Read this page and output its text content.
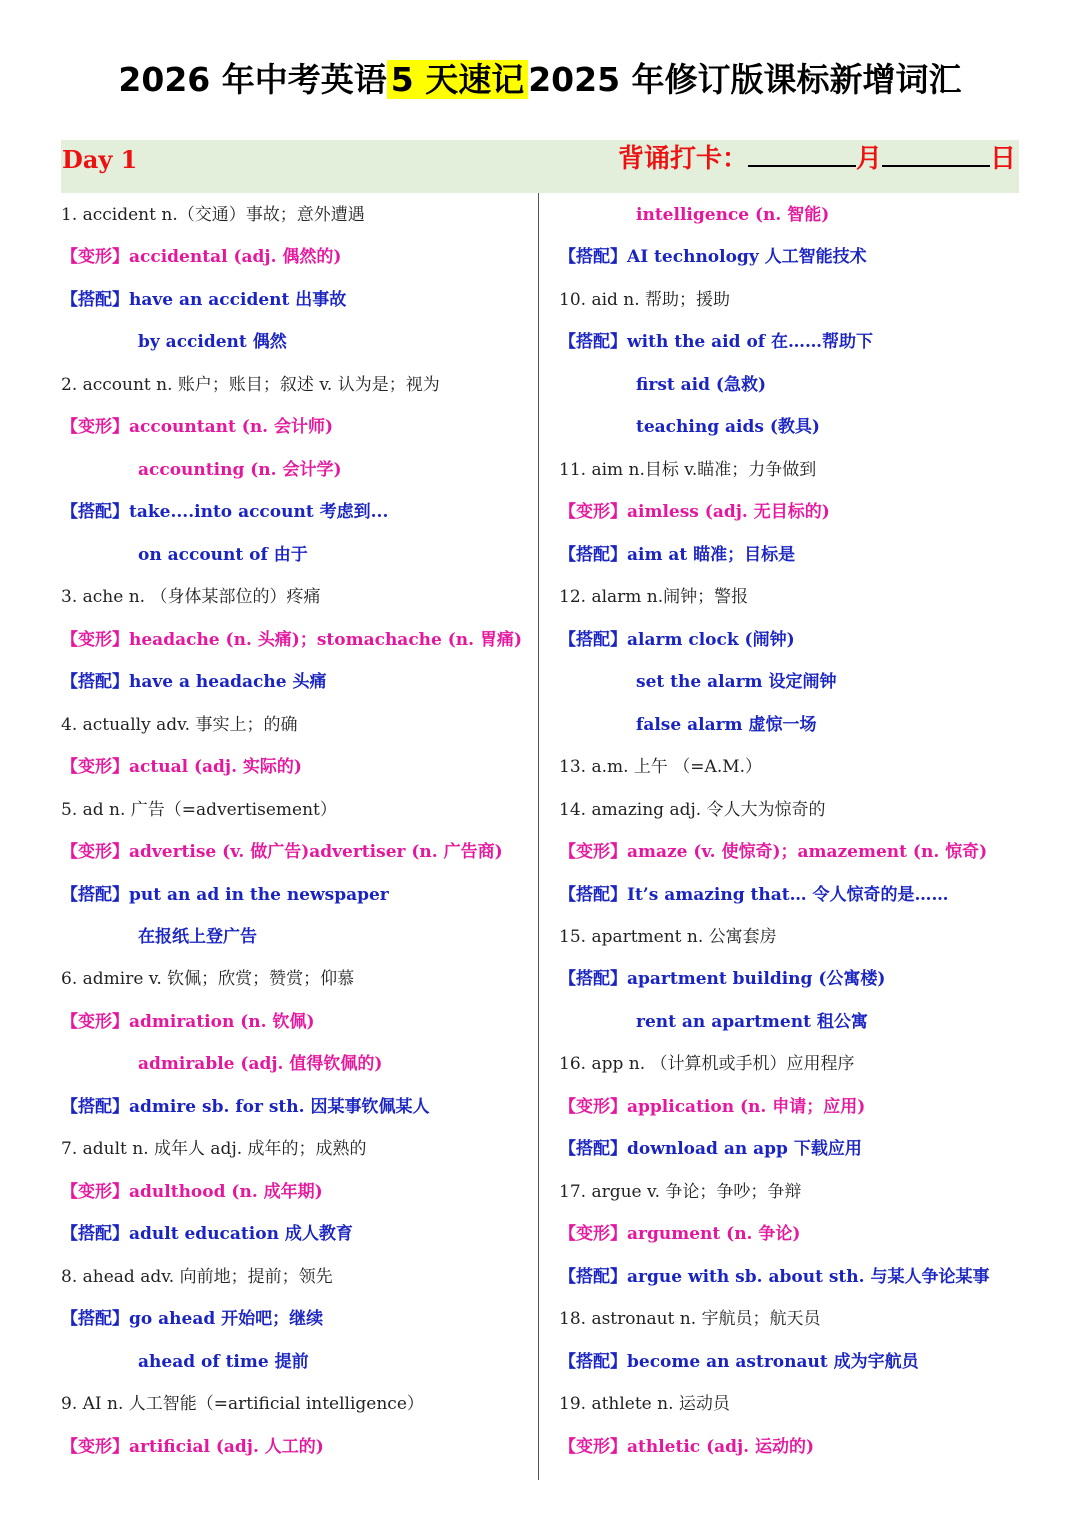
2026 年中考英语 5 天速记 2025 年修订版课标新增词汇
Day 1	背诵打卡：	月	日
1. accident n.（交通）事故；意外遭遇
【变形】accidental (adj. 偶然的)
【搭配】have an accident 出事故
by accident 偶然
2. account n. 账户；账目；叙述 v. 认为是；视为
【变形】accountant (n. 会计师)
accounting (n. 会计学)
【搭配】take....into account 考虑到...
on account of 由于
3. ache n. （身体某部位的）疼痛
【变形】headache (n. 头痛)；stomachache (n. 胃痛)
【搭配】have a headache 头痛
4. actually adv. 事实上；的确
【变形】actual (adj. 实际的)
5. ad n. 广告（=advertisement）
【变形】advertise (v. 做广告)advertiser (n. 广告商)
【搭配】put an ad in the newspaper
在报纸上登广告
6. admire v. 钦佩；欣赏；赞赏；仰慕
【变形】admiration (n. 钦佩)
admirable (adj. 值得钦佩的)
【搭配】admire sb. for sth. 因某事钦佩某人
7. adult n. 成年人 adj. 成年的；成熟的
【变形】adulthood (n. 成年期)
【搭配】adult education 成人教育
8. ahead adv. 向前地；提前；领先
【搭配】go ahead 开始吧；继续
ahead of time 提前
9. AI n. 人工智能（=artificial intelligence）
【变形】artificial (adj. 人工的)
intelligence (n. 智能)
【搭配】AI technology 人工智能技术
10. aid n. 帮助；援助
【搭配】with the aid of 在……帮助下
first aid (急救)
teaching aids (教具)
11. aim n.目标 v.瞄准；力争做到
【变形】aimless (adj. 无目标的)
【搭配】aim at 瞄准；目标是
12. alarm n.闹钟；警报
【搭配】alarm clock (闹钟)
set the alarm 设定闹钟
false alarm 虚惊一场
13. a.m. 上午 （=A.M.）
14. amazing adj. 令人大为惊奇的
【变形】amaze (v. 使惊奇)；amazement (n. 惊奇)
【搭配】It’s amazing that… 令人惊奇的是……
15. apartment n. 公寓套房
【搭配】apartment building (公寓楼)
rent an apartment 租公寓
16. app n. （计算机或手机）应用程序
【变形】application (n. 申请；应用)
【搭配】download an app 下载应用
17. argue v. 争论；争吵；争辩
【变形】argument (n. 争论)
【搭配】argue with sb. about sth. 与某人争论某事
18. astronaut n. 宇航员；航天员
【搭配】become an astronaut 成为宇航员
19. athlete n. 运动员
【变形】athletic (adj. 运动的)
